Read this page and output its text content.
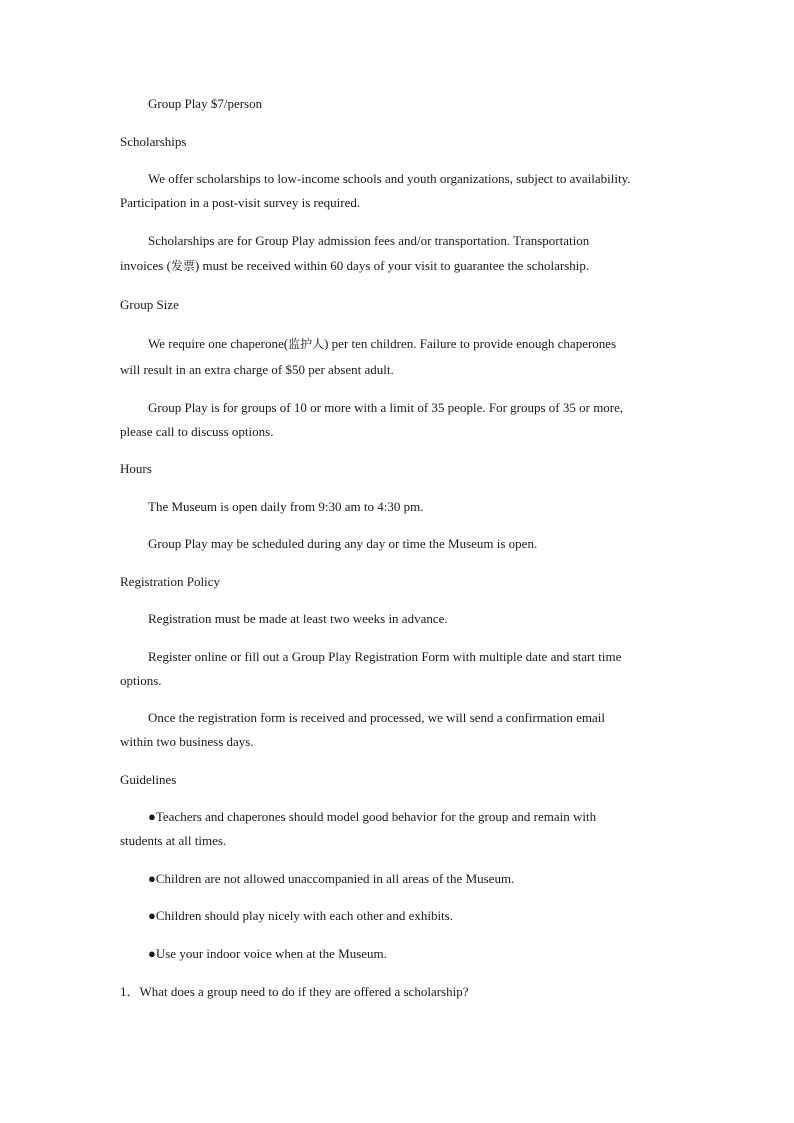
Group Play $7/person
Scholarships
We offer scholarships to low-income schools and youth organizations, subject to availability.
Participation in a post-visit survey is required.
Scholarships are for Group Play admission fees and/or transportation. Transportation
invoices (发票) must be received within 60 days of your visit to guarantee the scholarship.
Group Size
We require one chaperone(监护人) per ten children. Failure to provide enough chaperones
will result in an extra charge of $50 per absent adult.
Group Play is for groups of 10 or more with a limit of 35 people. For groups of 35 or more,
please call to discuss options.
Hours
The Museum is open daily from 9:30 am to 4:30 pm.
Group Play may be scheduled during any day or time the Museum is open.
Registration Policy
Registration must be made at least two weeks in advance.
Register online or fill out a Group Play Registration Form with multiple date and start time
options.
Once the registration form is received and processed, we will send a confirmation email
within two business days.
Guidelines
●Teachers and chaperones should model good behavior for the group and remain with
students at all times.
●Children are not allowed unaccompanied in all areas of the Museum.
●Children should play nicely with each other and exhibits.
●Use your indoor voice when at the Museum.
1．What does a group need to do if they are offered a scholarship?
